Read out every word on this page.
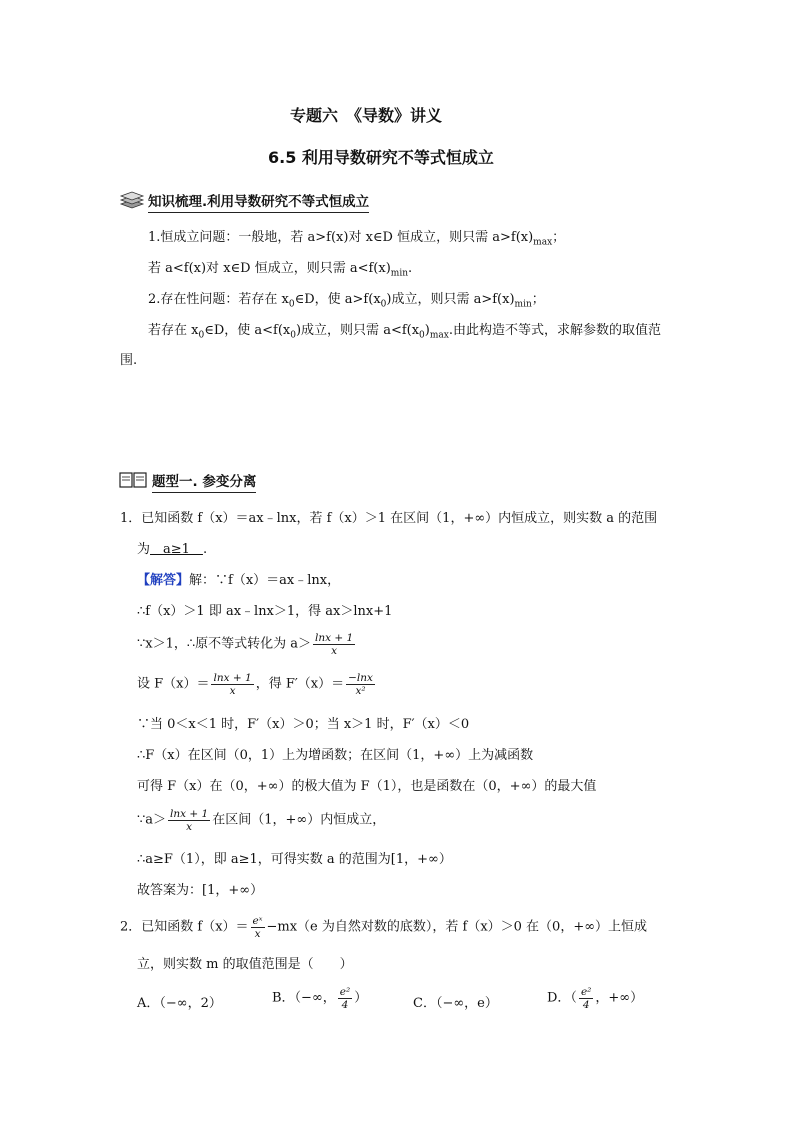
专题六　《导数》讲义
6.5 利用导数研究不等式恒成立
知识梳理.利用导数研究不等式恒成立
1.恒成立问题：一般地，若 a>f(x)对 x∈D 恒成立，则只需 $a>f(x)_{max}$；
若 a<f(x)对 x∈D 恒成立，则只需 $a<f(x)_{min}$.
2.存在性问题：若存在 $x_0\in D$，使 $a>f(x_0)$成立，则只需 $a>f(x)_{min}$；
若存在 $x_0\in D$，使 $a<f(x_0)$成立，则只需 $a<f(x_0)_{max}$.由此构造不等式，求解参数的取值范
围.
题型一. 参变分离
1．已知函数 f（x）＝ax﹣lnx，若 f（x）＞1 在区间（1，+∞）内恒成立，则实数 a 的范围
为　a≥1　.
【解答】解：∵f（x）＝ax﹣lnx，
∴f（x）＞1 即 ax﹣lnx＞1，得 ax＞lnx+1
∵x＞1，∴原不等式转化为 $a> \frac{\ln x + 1}{x}$
设 $F(x)= \frac{\ln x + 1}{x}$ ，得 $F'(x)= \frac{-\ln x}{\text{x²}}$
∵当 0＜x＜1 时，F′（x）＞0；当 x＞1 时，F′（x）＜0
∴F（x）在区间（0，1）上为增函数；在区间（1，+∞）上为减函数
可得 F（x）在（0，+∞）的极大值为 F（1），也是函数在（0，+∞）的最大值
∵a＞ $\frac{\ln x + 1}{x}$ 在区间（1，+∞）内恒成立，
∴a≥F（1），即 a≥1，可得实数 a 的范围为[1，+∞）
故答案为：[1，+∞）
2．已知函数 $f(x)= \frac{\text{eˣ}}{x} -mx(e$ 为自然对数的底数），若 f（x）＞0 在（0，+∞）上恒成
立，则实数 m 的取值范围是（　　）
A．（−∞，2）	B．（−∞， $\frac{\text{e²}}{4}$ ）	C．（−∞，e）	D．（ $\frac{\text{e²}}{4}$ ，+∞）
